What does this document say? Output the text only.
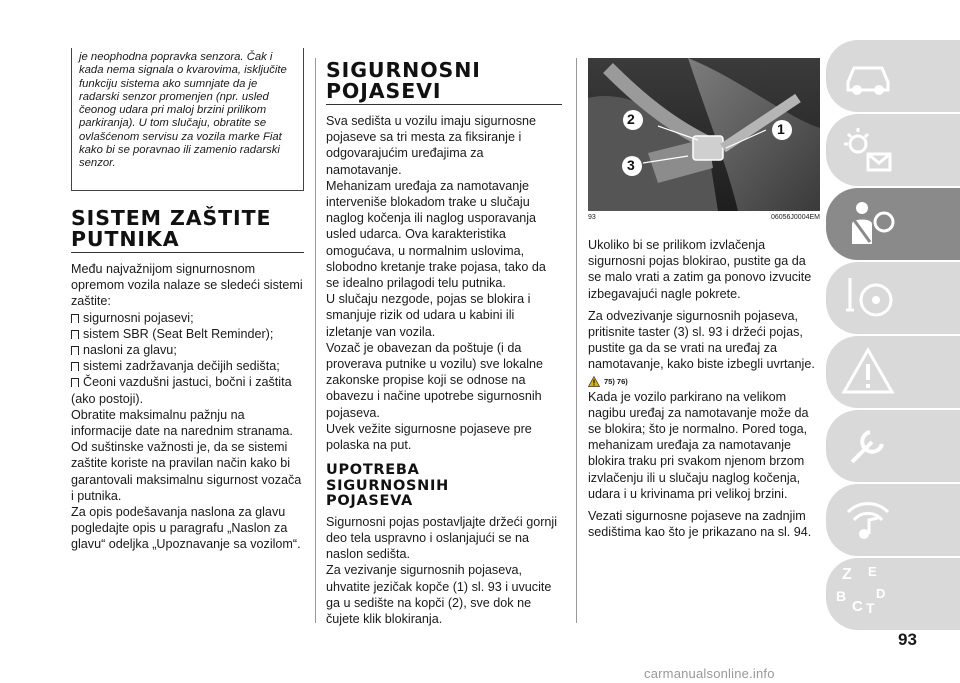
je neophodna popravka senzora. Čak i
kada nema signala o kvarovima, isključite
funkciju sistema ako sumnjate da je
radarski senzor promenjen (npr. usled
čeonog udara pri maloj brzini prilikom
parkiranja). U tom slučaju, obratite se
ovlašćenom servisu za vozila marke Fiat
kako bi se poravnao ili zamenio radarski
senzor.
SISTEM ZAŠTITE
PUTNIKA
Među najvažnijom signurnosnom opremom vozila nalaze se sledeći sistemi zaštite:
sigurnosni pojasevi;
sistem SBR (Seat Belt Reminder);
nasloni za glavu;
sistemi zadržavanja dečijih sedišta;
Čeoni vazdušni jastuci, bočni i zaštita (ako postoji).
Obratite maksimalnu pažnju na informacije date na narednim stranama. Od suštinske važnosti je, da se sistemi zaštite koriste na pravilan način kako bi garantovali maksimalnu sigurnost vozača i putnika.
Za opis podešavanja naslona za glavu pogledajte opis u paragrafu „Naslon za glavu“ odeljka „Upoznavanje sa vozilom“.
SIGURNOSNI
POJASEVI
Sva sedišta u vozilu imaju sigurnosne pojaseve sa tri mesta za fiksiranje i odgovarajućim uređajima za namotavanje.
Mehanizam uređaja za namotavanje interveniše blokadom trake u slučaju naglog kočenja ili naglog usporavanja usled udarca. Ova karakteristika omogućava, u normalnim uslovima, slobodno kretanje trake pojasa, tako da se idealno prilagodi telu putnika.
U slučaju nezgode, pojas se blokira i smanjuje rizik od udara u kabini ili izletanje van vozila.
Vozač je obavezan da poštuje (i da proverava putnike u vozilu) sve lokalne zakonske propise koji se odnose na obavezu i načine upotrebe sigurnosnih pojaseva.
Uvek vežite sigurnosne pojaseve pre polaska na put.
UPOTREBA
SIGURNOSNIH
POJASEVA
Sigurnosni pojas postavljajte držeći gornji deo tela uspravno i oslanjajući se na naslon sedišta.
Za vezivanje sigurnosnih pojaseva, uhvatite jezičak kopče (1) sl. 93 i uvucite ga u sedište na kopči (2), sve dok ne čujete klik blokiranja.
2
1
3
93	06056J0004EM
Ukoliko bi se prilikom izvlačenja sigurnosni pojas blokirao, pustite ga da se malo vrati a zatim ga ponovo izvucite izbegavajući nagle pokrete.
Za odvezivanje sigurnosnih pojaseva, pritisnite taster (3) sl. 93 i držeći pojas, pustite ga da se vrati na uređaj za namotavanje, kako biste izbegli uvrtanje.
75) 76)
Kada je vozilo parkirano na velikom nagibu uređaj za namotavanje može da se blokira; što je normalno. Pored toga, mehanizam uređaja za namotavanje blokira traku pri svakom njenom brzom izvlačenju ili u slučaju naglog kočenja, udara i u krivinama pri velikoj brzini.
Vezati sigurnosne pojaseve na zadnjim sedištima kao što je prikazano na sl. 94.
Z E
B
C T
D
93
carmanualsonline.info
